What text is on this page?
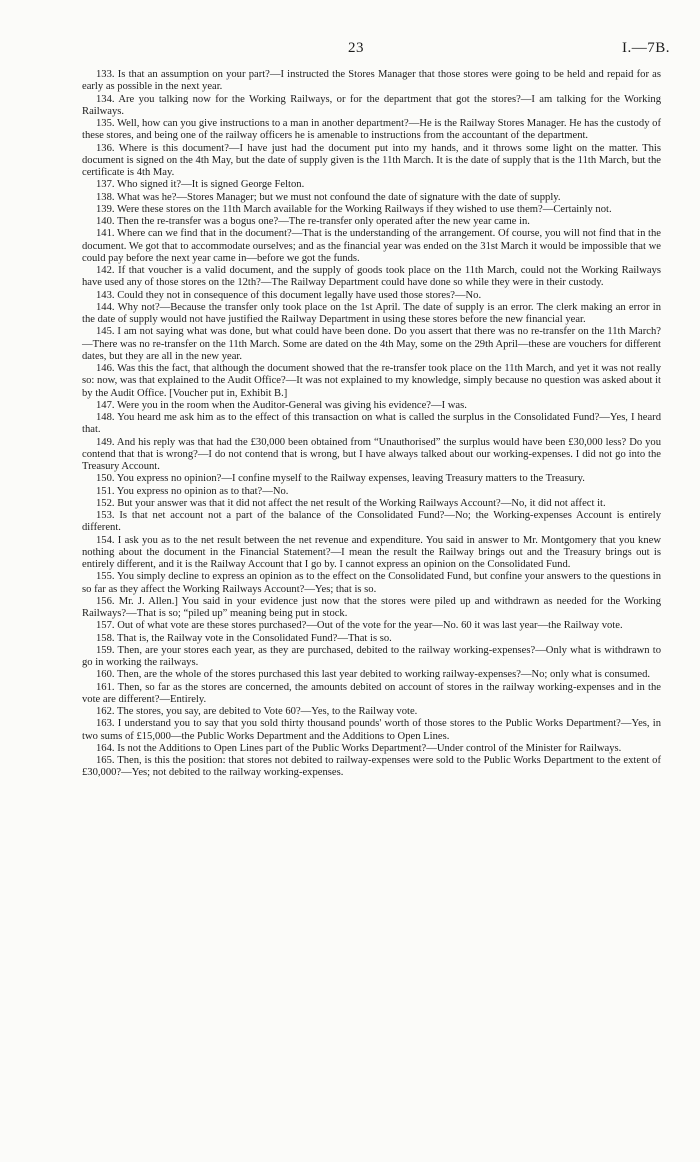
23	I.—7B.

133. Is that an assumption on your part?—I instructed the Stores Manager that those stores were going to be held and repaid for as early as possible in the next year.

134. Are you talking now for the Working Railways, or for the department that got the stores?—I am talking for the Working Railways.

135. Well, how can you give instructions to a man in another department?—He is the Railway Stores Manager. He has the custody of these stores, and being one of the railway officers he is amenable to instructions from the accountant of the department.

136. Where is this document?—I have just had the document put into my hands, and it throws some light on the matter. This document is signed on the 4th May, but the date of supply given is the 11th March. It is the date of supply that is the 11th March, but the certificate is 4th May.

137. Who signed it?—It is signed George Felton.

138. What was he?—Stores Manager; but we must not confound the date of signature with the date of supply.

139. Were these stores on the 11th March available for the Working Railways if they wished to use them?—Certainly not.

140. Then the re-transfer was a bogus one?—The re-transfer only operated after the new year came in.

141. Where can we find that in the document?—That is the understanding of the arrangement. Of course, you will not find that in the document. We got that to accommodate ourselves; and as the financial year was ended on the 31st March it would be impossible that we could pay before the next year came in—before we got the funds.

142. If that voucher is a valid document, and the supply of goods took place on the 11th March, could not the Working Railways have used any of those stores on the 12th?—The Railway Department could have done so while they were in their custody.

143. Could they not in consequence of this document legally have used those stores?—No.

144. Why not?—Because the transfer only took place on the 1st April. The date of supply is an error. The clerk making an error in the date of supply would not have justified the Railway Department in using these stores before the new financial year.

145. I am not saying what was done, but what could have been done. Do you assert that there was no re-transfer on the 11th March?—There was no re-transfer on the 11th March. Some are dated on the 4th May, some on the 29th April—these are vouchers for different dates, but they are all in the new year.

146. Was this the fact, that although the document showed that the re-transfer took place on the 11th March, and yet it was not really so: now, was that explained to the Audit Office?—It was not explained to my knowledge, simply because no question was asked about it by the Audit Office. [Voucher put in, Exhibit B.]

147. Were you in the room when the Auditor-General was giving his evidence?—I was.

148. You heard me ask him as to the effect of this transaction on what is called the surplus in the Consolidated Fund?—Yes, I heard that.

149. And his reply was that had the £30,000 been obtained from “Unauthorised” the surplus would have been £30,000 less? Do you contend that that is wrong?—I do not contend that is wrong, but I have always talked about our working-expenses. I did not go into the Treasury Account.

150. You express no opinion?—I confine myself to the Railway expenses, leaving Treasury matters to the Treasury.

151. You express no opinion as to that?—No.

152. But your answer was that it did not affect the net result of the Working Railways Account?—No, it did not affect it.

153. Is that net account not a part of the balance of the Consolidated Fund?—No; the Working-expenses Account is entirely different.

154. I ask you as to the net result between the net revenue and expenditure. You said in answer to Mr. Montgomery that you knew nothing about the document in the Financial Statement?—I mean the result the Railway brings out and the Treasury brings out is entirely different, and it is the Railway Account that I go by. I cannot express an opinion on the Consolidated Fund.

155. You simply decline to express an opinion as to the effect on the Consolidated Fund, but confine your answers to the questions in so far as they affect the Working Railways Account?—Yes; that is so.

156. Mr. J. Allen.] You said in your evidence just now that the stores were piled up and withdrawn as needed for the Working Railways?—That is so; “piled up” meaning being put in stock.

157. Out of what vote are these stores purchased?—Out of the vote for the year—No. 60 it was last year—the Railway vote.

158. That is, the Railway vote in the Consolidated Fund?—That is so.

159. Then, are your stores each year, as they are purchased, debited to the railway working-expenses?—Only what is withdrawn to go in working the railways.

160. Then, are the whole of the stores purchased this last year debited to working railway-expenses?—No; only what is consumed.

161. Then, so far as the stores are concerned, the amounts debited on account of stores in the railway working-expenses and in the vote are different?—Entirely.

162. The stores, you say, are debited to Vote 60?—Yes, to the Railway vote.

163. I understand you to say that you sold thirty thousand pounds' worth of those stores to the Public Works Department?—Yes, in two sums of £15,000—the Public Works Department and the Additions to Open Lines.

164. Is not the Additions to Open Lines part of the Public Works Department?—Under control of the Minister for Railways.

165. Then, is this the position: that stores not debited to railway-expenses were sold to the Public Works Department to the extent of £30,000?—Yes; not debited to the railway working-expenses.
